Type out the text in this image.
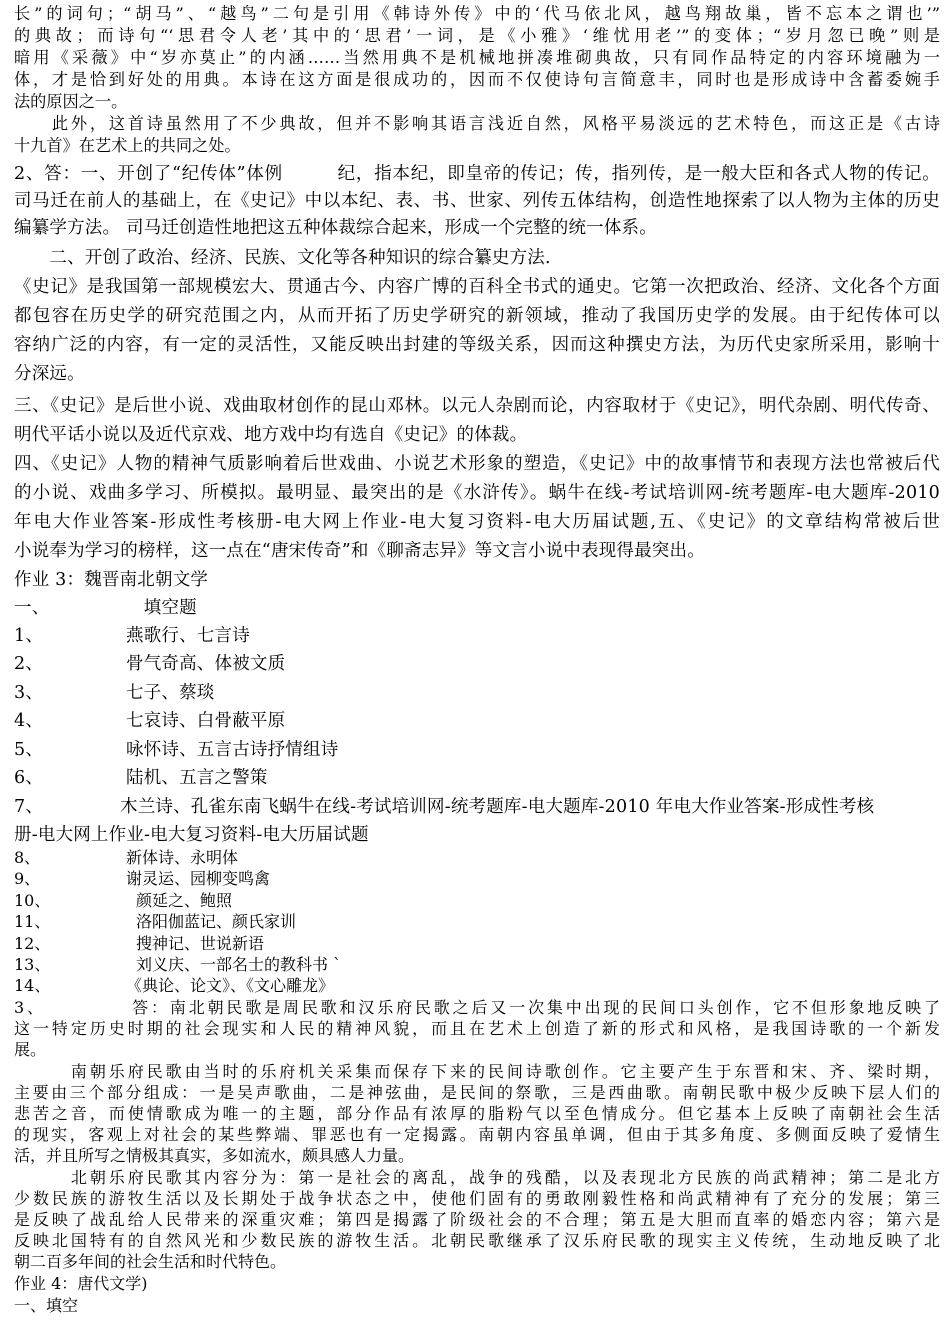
长”的词句；“胡马”、“越鸟”二句是引用《韩诗外传》中的‘代马依北风，越鸟翔故巢，皆不忘本之谓也’”
的典故；而诗句“‘思君令人老’其中的‘思君’一词，是《小雅》‘维忧用老’”的变体；“岁月忽已晚”则是
暗用《采薇》中“岁亦莫止”的内涵……当然用典不是机械地拼凑堆砌典故，只有同作品特定的内容环境融为一
体，才是恰到好处的用典。本诗在这方面是很成功的，因而不仅使诗句言简意丰，同时也是形成诗中含蓄委婉手
法的原因之一。
　　此外，这首诗虽然用了不少典故，但并不影响其语言浅近自然，风格平易淡远的艺术特色，而这正是《古诗
十九首》在艺术上的共同之处。
2、答：一、开创了“纪传体”体例　　　纪，指本纪，即皇帝的传记；传，指列传，是一般大臣和各式人物的传记。
司马迁在前人的基础上，在《史记》中以本纪、表、书、世家、列传五体结构，创造性地探索了以人物为主体的历史
编纂学方法。 司马迁创造性地把这五种体裁综合起来，形成一个完整的统一体系。
　　二、开创了政治、经济、民族、文化等各种知识的综合纂史方法.
《史记》是我国第一部规模宏大、贯通古今、内容广博的百科全书式的通史。它第一次把政治、经济、文化各个方面
都包容在历史学的研究范围之内，从而开拓了历史学研究的新领域，推动了我国历史学的发展。由于纪传体可以
容纳广泛的内容，有一定的灵活性，又能反映出封建的等级关系，因而这种撰史方法，为历代史家所采用，影响十
分深远。
三、《史记》是后世小说、戏曲取材创作的昆山邓林。以元人杂剧而论，内容取材于《史记》，明代杂剧、明代传奇、
明代平话小说以及近代京戏、地方戏中均有选自《史记》的体裁。
四、《史记》人物的精神气质影响着后世戏曲、小说艺术形象的塑造，《史记》中的故事情节和表现方法也常被后代
的小说、戏曲多学习、所模拟。最明显、最突出的是《水浒传》。蜗牛在线-考试培训网-统考题库-电大题库-2010
年电大作业答案-形成性考核册-电大网上作业-电大复习资料-电大历届试题,五、《史记》的文章结构常被后世
小说奉为学习的榜样，这一点在“唐宋传奇”和《聊斋志异》等文言小说中表现得最突出。
作业 3：魏晋南北朝文学
一、	填空题
1、	燕歌行、七言诗
2、	骨气奇高、体被文质
3、	七子、蔡琰
4、	七哀诗、白骨蔽平原
5、	咏怀诗、五言古诗抒情组诗
6、	陆机、五言之警策
7、	木兰诗、孔雀东南飞蜗牛在线-考试培训网-统考题库-电大题库-2010 年电大作业答案-形成性考核
册-电大网上作业-电大复习资料-电大历届试题
8、	新体诗、永明体
9、	谢灵运、园柳变鸣禽
10、	颜延之、鲍照
11、	洛阳伽蓝记、颜氏家训
12、	搜神记、世说新语
13、	刘义庆、一部名士的教科书 `
14、	《典论、论文》、《文心雕龙》
3、　　　　　答：南北朝民歌是周民歌和汉乐府民歌之后又一次集中出现的民间口头创作，它不但形象地反映了
这一特定历史时期的社会现实和人民的精神风貌，而且在艺术上创造了新的形式和风格，是我国诗歌的一个新发
展。
　　　南朝乐府民歌由当时的乐府机关采集而保存下来的民间诗歌创作。它主要产生于东晋和宋、齐、梁时期，
主要由三个部分组成：一是吴声歌曲，二是神弦曲，是民间的祭歌，三是西曲歌。南朝民歌中极少反映下层人们的
悲苦之音，而使情歌成为唯一的主题，部分作品有浓厚的脂粉气以至色情成分。但它基本上反映了南朝社会生活
的现实，客观上对社会的某些弊端、罪恶也有一定揭露。南朝内容虽单调，但由于其多角度、多侧面反映了爱情生
活，并且所写之情极其真实，多如流水，颇具感人力量。
　　　北朝乐府民歌其内容分为：第一是社会的离乱，战争的残酷，以及表现北方民族的尚武精神；第二是北方
少数民族的游牧生活以及长期处于战争状态之中，使他们固有的勇敢刚毅性格和尚武精神有了充分的发展；第三
是反映了战乱给人民带来的深重灾难；第四是揭露了阶级社会的不合理；第五是大胆而直率的婚恋内容；第六是
反映北国特有的自然风光和少数民族的游牧生活。北朝民歌继承了汉乐府民歌的现实主义传统，生动地反映了北
朝二百多年间的社会生活和时代特色。
作业 4：唐代文学)
一、填空
